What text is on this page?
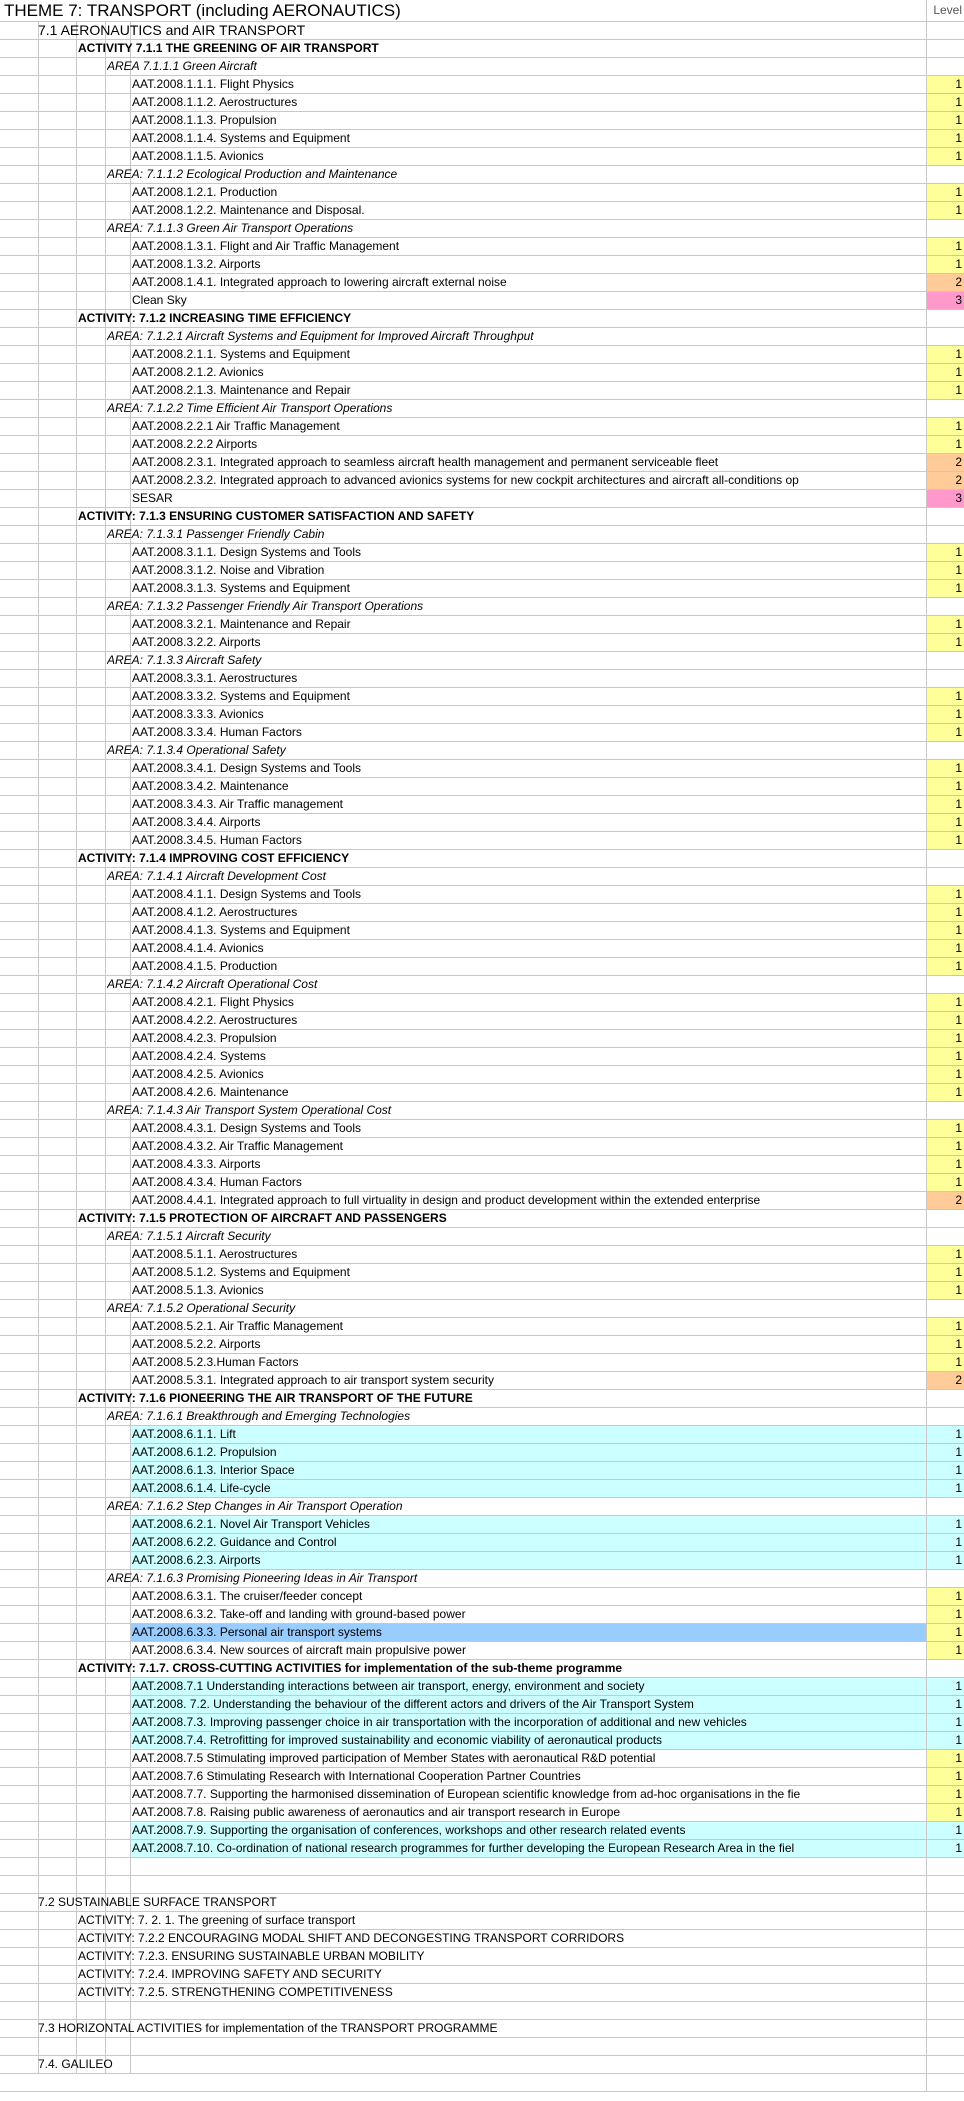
THEME 7: TRANSPORT (including AERONAUTICS)	Level
7.1 AERONAUTICS and AIR TRANSPORT
ACTIVITY 7.1.1 THE GREENING OF AIR TRANSPORT
AREA 7.1.1.1 Green Aircraft
AAT.2008.1.1.1. Flight Physics	1
AAT.2008.1.1.2. Aerostructures	1
AAT.2008.1.1.3. Propulsion	1
AAT.2008.1.1.4. Systems and Equipment	1
AAT.2008.1.1.5. Avionics	1
AREA: 7.1.1.2 Ecological Production and Maintenance
AAT.2008.1.2.1. Production	1
AAT.2008.1.2.2. Maintenance and Disposal.	1
AREA: 7.1.1.3 Green Air Transport Operations
AAT.2008.1.3.1. Flight and Air Traffic Management	1
AAT.2008.1.3.2. Airports	1
AAT.2008.1.4.1. Integrated approach to lowering aircraft external noise	2
Clean Sky	3
ACTIVITY: 7.1.2 INCREASING TIME EFFICIENCY
AREA: 7.1.2.1 Aircraft Systems and Equipment for Improved Aircraft Throughput
AAT.2008.2.1.1. Systems and Equipment	1
AAT.2008.2.1.2. Avionics	1
AAT.2008.2.1.3. Maintenance and Repair	1
AREA: 7.1.2.2 Time Efficient Air Transport Operations
AAT.2008.2.2.1 Air Traffic Management	1
AAT.2008.2.2.2 Airports	1
AAT.2008.2.3.1. Integrated approach to seamless aircraft health management and permanent serviceable fleet	2
AAT.2008.2.3.2. Integrated approach to advanced avionics systems for new cockpit architectures and aircraft all-conditions op	2
SESAR	3
ACTIVITY: 7.1.3 ENSURING CUSTOMER SATISFACTION AND SAFETY
AREA: 7.1.3.1 Passenger Friendly Cabin
AAT.2008.3.1.1. Design Systems and Tools	1
AAT.2008.3.1.2. Noise and Vibration	1
AAT.2008.3.1.3. Systems and Equipment	1
AREA: 7.1.3.2 Passenger Friendly Air Transport Operations
AAT.2008.3.2.1. Maintenance and Repair	1
AAT.2008.3.2.2. Airports	1
AREA: 7.1.3.3 Aircraft Safety
AAT.2008.3.3.1. Aerostructures
AAT.2008.3.3.2. Systems and Equipment	1
AAT.2008.3.3.3. Avionics	1
AAT.2008.3.3.4. Human Factors	1
AREA: 7.1.3.4 Operational Safety
AAT.2008.3.4.1. Design Systems and Tools	1
AAT.2008.3.4.2. Maintenance	1
AAT.2008.3.4.3. Air Traffic management	1
AAT.2008.3.4.4. Airports	1
AAT.2008.3.4.5. Human Factors	1
ACTIVITY: 7.1.4 IMPROVING COST EFFICIENCY
AREA: 7.1.4.1 Aircraft Development Cost
AAT.2008.4.1.1. Design Systems and Tools	1
AAT.2008.4.1.2. Aerostructures	1
AAT.2008.4.1.3. Systems and Equipment	1
AAT.2008.4.1.4. Avionics	1
AAT.2008.4.1.5. Production	1
AREA: 7.1.4.2 Aircraft Operational Cost
AAT.2008.4.2.1. Flight Physics	1
AAT.2008.4.2.2. Aerostructures	1
AAT.2008.4.2.3. Propulsion	1
AAT.2008.4.2.4. Systems	1
AAT.2008.4.2.5. Avionics	1
AAT.2008.4.2.6. Maintenance	1
AREA: 7.1.4.3 Air Transport System Operational Cost
AAT.2008.4.3.1. Design Systems and Tools	1
AAT.2008.4.3.2. Air Traffic Management	1
AAT.2008.4.3.3. Airports	1
AAT.2008.4.3.4. Human Factors	1
AAT.2008.4.4.1. Integrated approach to full virtuality in design and product development within the extended enterprise	2
ACTIVITY: 7.1.5 PROTECTION OF AIRCRAFT AND PASSENGERS
AREA: 7.1.5.1 Aircraft Security
AAT.2008.5.1.1. Aerostructures	1
AAT.2008.5.1.2. Systems and Equipment	1
AAT.2008.5.1.3. Avionics	1
AREA: 7.1.5.2 Operational Security
AAT.2008.5.2.1. Air Traffic Management	1
AAT.2008.5.2.2. Airports	1
AAT.2008.5.2.3.Human Factors	1
AAT.2008.5.3.1. Integrated approach to air transport system security	2
ACTIVITY: 7.1.6 PIONEERING THE AIR TRANSPORT OF THE FUTURE
AREA: 7.1.6.1 Breakthrough and Emerging Technologies
AAT.2008.6.1.1. Lift	1
AAT.2008.6.1.2. Propulsion	1
AAT.2008.6.1.3. Interior Space	1
AAT.2008.6.1.4. Life-cycle	1
AREA: 7.1.6.2 Step Changes in Air Transport Operation
AAT.2008.6.2.1. Novel Air Transport Vehicles	1
AAT.2008.6.2.2. Guidance and Control	1
AAT.2008.6.2.3. Airports	1
AREA: 7.1.6.3 Promising Pioneering Ideas in Air Transport
AAT.2008.6.3.1. The cruiser/feeder concept	1
AAT.2008.6.3.2. Take-off and landing with ground-based power	1
AAT.2008.6.3.3. Personal air transport systems	1
AAT.2008.6.3.4. New sources of aircraft main propulsive power	1
ACTIVITY: 7.1.7. CROSS-CUTTING ACTIVITIES for implementation of the sub-theme programme
AAT.2008.7.1 Understanding interactions between air transport, energy, environment and society	1
AAT.2008. 7.2. Understanding the behaviour of the different actors and drivers of the Air Transport System	1
AAT.2008.7.3. Improving passenger choice in air transportation with the incorporation of additional and new vehicles	1
AAT.2008.7.4. Retrofitting for improved sustainability and economic viability of aeronautical products	1
AAT.2008.7.5 Stimulating improved participation of Member States with aeronautical R&D potential	1
AAT.2008.7.6 Stimulating Research with International Cooperation Partner Countries	1
AAT.2008.7.7. Supporting the harmonised dissemination of European scientific knowledge from ad-hoc organisations in the fie	1
AAT.2008.7.8. Raising public awareness of aeronautics and air transport research in Europe	1
AAT.2008.7.9. Supporting the organisation of conferences, workshops and other research related events	1
AAT.2008.7.10. Co-ordination of national research programmes for further developing the European Research Area in the fiel	1
7.2 SUSTAINABLE SURFACE TRANSPORT
ACTIVITY: 7. 2. 1. The greening of surface transport
ACTIVITY: 7.2.2 ENCOURAGING MODAL SHIFT AND DECONGESTING TRANSPORT CORRIDORS
ACTIVITY: 7.2.3. ENSURING SUSTAINABLE URBAN MOBILITY
ACTIVITY: 7.2.4. IMPROVING SAFETY AND SECURITY
ACTIVITY: 7.2.5. STRENGTHENING COMPETITIVENESS
7.3 HORIZONTAL ACTIVITIES for implementation of the TRANSPORT PROGRAMME
7.4. GALILEO
